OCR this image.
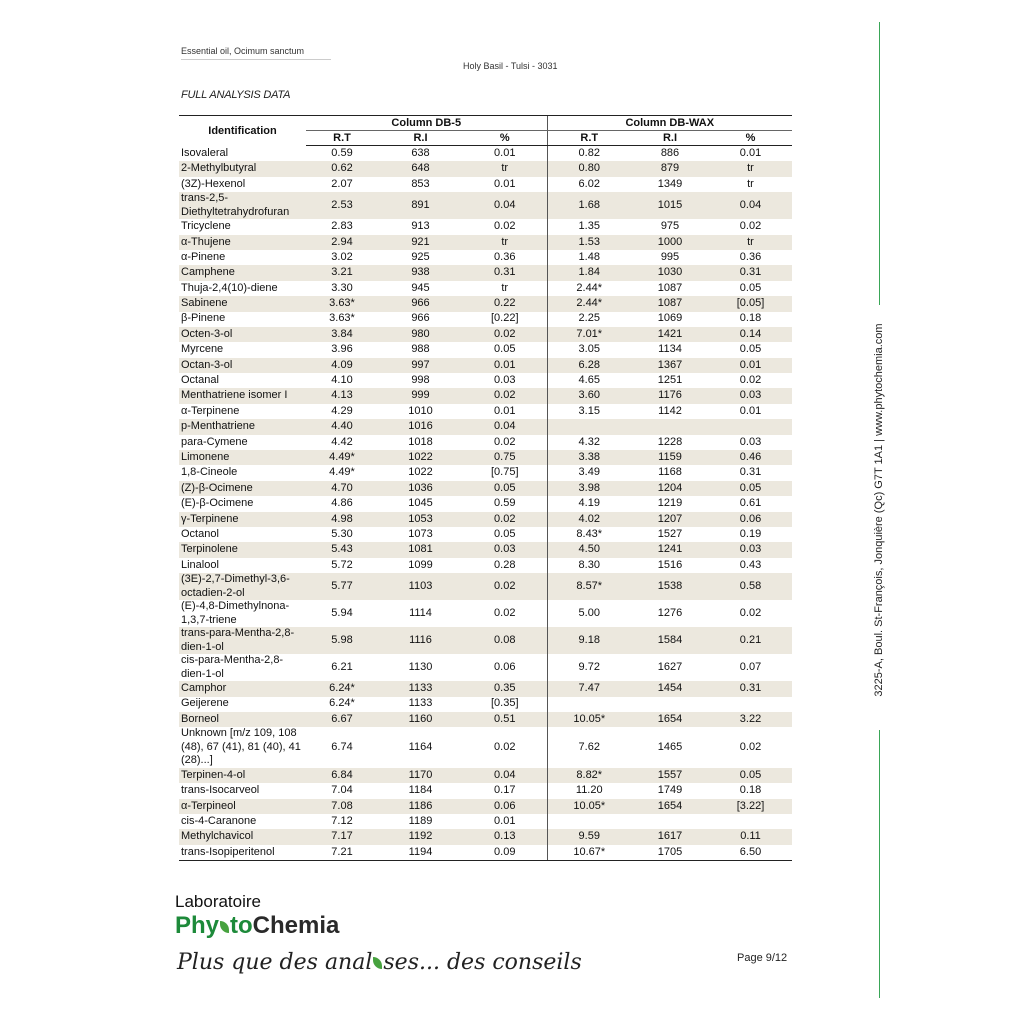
Essential oil, Ocimum sanctum
Holy Basil - Tulsi - 3031
FULL ANALYSIS DATA
Identification	Column DB-5			Column DB-WAX		
	R.T	R.I	%	R.T	R.I	%
Isovaleral	0.59	638	0.01	0.82	886	0.01
2-Methylbutyral	0.62	648	tr	0.80	879	tr
(3Z)-Hexenol	2.07	853	0.01	6.02	1349	tr
trans-2,5-Diethyltetrahydrofuran	2.53	891	0.04	1.68	1015	0.04
Tricyclene	2.83	913	0.02	1.35	975	0.02
α-Thujene	2.94	921	tr	1.53	1000	tr
α-Pinene	3.02	925	0.36	1.48	995	0.36
Camphene	3.21	938	0.31	1.84	1030	0.31
Thuja-2,4(10)-diene	3.30	945	tr	2.44*	1087	0.05
Sabinene	3.63*	966	0.22	2.44*	1087	[0.05]
β-Pinene	3.63*	966	[0.22]	2.25	1069	0.18
Octen-3-ol	3.84	980	0.02	7.01*	1421	0.14
Myrcene	3.96	988	0.05	3.05	1134	0.05
Octan-3-ol	4.09	997	0.01	6.28	1367	0.01
Octanal	4.10	998	0.03	4.65	1251	0.02
Menthatriene isomer I	4.13	999	0.02	3.60	1176	0.03
α-Terpinene	4.29	1010	0.01	3.15	1142	0.01
p-Menthatriene	4.40	1016	0.04			
para-Cymene	4.42	1018	0.02	4.32	1228	0.03
Limonene	4.49*	1022	0.75	3.38	1159	0.46
1,8-Cineole	4.49*	1022	[0.75]	3.49	1168	0.31
(Z)-β-Ocimene	4.70	1036	0.05	3.98	1204	0.05
(E)-β-Ocimene	4.86	1045	0.59	4.19	1219	0.61
γ-Terpinene	4.98	1053	0.02	4.02	1207	0.06
Octanol	5.30	1073	0.05	8.43*	1527	0.19
Terpinolene	5.43	1081	0.03	4.50	1241	0.03
Linalool	5.72	1099	0.28	8.30	1516	0.43
(3E)-2,7-Dimethyl-3,6-octadien-2-ol	5.77	1103	0.02	8.57*	1538	0.58
(E)-4,8-Dimethylnona-1,3,7-triene	5.94	1114	0.02	5.00	1276	0.02
trans-para-Mentha-2,8-dien-1-ol	5.98	1116	0.08	9.18	1584	0.21
cis-para-Mentha-2,8-dien-1-ol	6.21	1130	0.06	9.72	1627	0.07
Camphor	6.24*	1133	0.35	7.47	1454	0.31
Geijerene	6.24*	1133	[0.35]			
Borneol	6.67	1160	0.51	10.05*	1654	3.22
Unknown [m/z 109, 108 (48), 67 (41), 81 (40), 41 (28)...]	6.74	1164	0.02	7.62	1465	0.02
Terpinen-4-ol	6.84	1170	0.04	8.82*	1557	0.05
trans-Isocarveol	7.04	1184	0.17	11.20	1749	0.18
α-Terpineol	7.08	1186	0.06	10.05*	1654	[3.22]
cis-4-Caranone	7.12	1189	0.01			
Methylchavicol	7.17	1192	0.13	9.59	1617	0.11
trans-Isopiperitenol	7.21	1194	0.09	10.67*	1705	6.50
Laboratoire
Phy toChemia
Plus que des anal ses... des conseils	Page 9/12
3225-A, Boul. St-François, Jonquière (Qc) G7T 1A1 | www.phytochemia.com
